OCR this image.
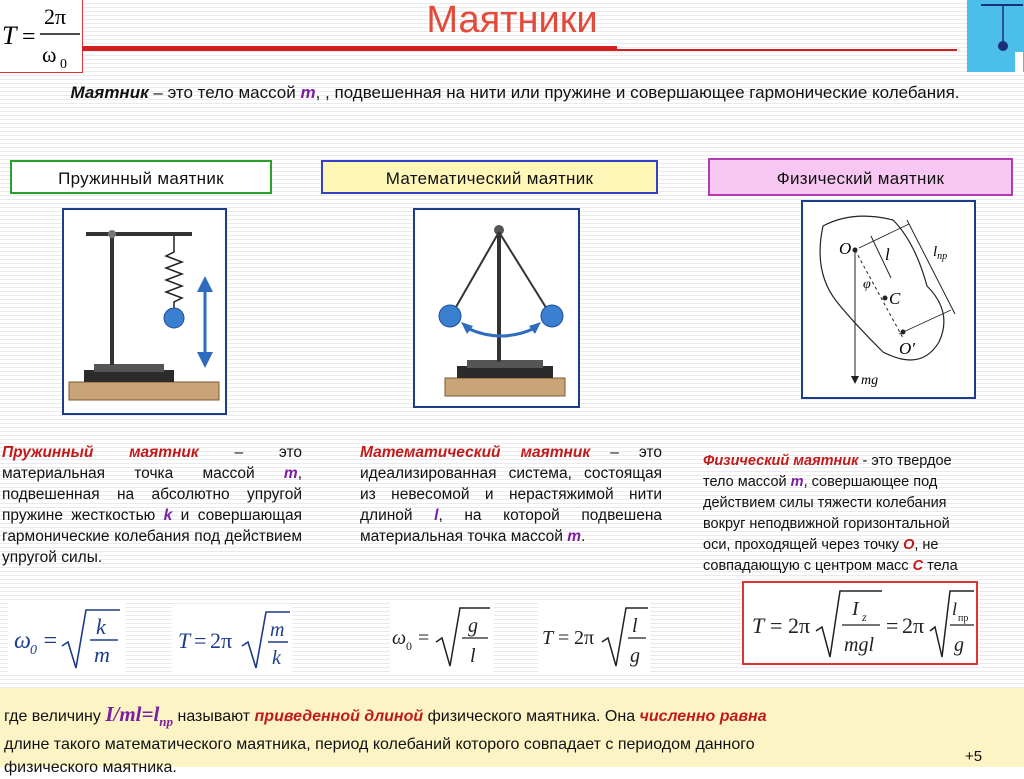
T =
2π
ω 0
Маятники
Маятник – это тело массой m, , подвешенная на нити или пружине и совершающее гармонические колебания.
Пружинный маятник	Математический маятник	Физический маятник
O l	$l_{пр}$
φ
C
O′
mg
Пружинный маятник – это материальная точка массой m, подвешенная на абсолютно упругой пружине жесткостью k и совершающая гармонические колебания под действием упругой силы.
Математический маятник – это идеализированная система, состоящая из невесомой и нерастяжимой нити длиной l, на которой подвешена материальная точка массой m.
Физический маятник - это твердое
тело массой m, совершающее под
действием силы тяжести колебания
вокруг неподвижной горизонтальной
оси, проходящей через точку O, не
совпадающую с центром масс C тела
ω 0 =
k
m
T = 2π m
k
ω 0 =
g
l
T = 2π
l
g
T = 2π
I z
mgl
= 2π
l пр
g
где величину $I/ml=l_{пр}$ называют приведенной длиной физического маятника. Она численно равна
длине такого математического маятника, период колебаний которого совпадает с периодом данного
физического маятника.
+5
